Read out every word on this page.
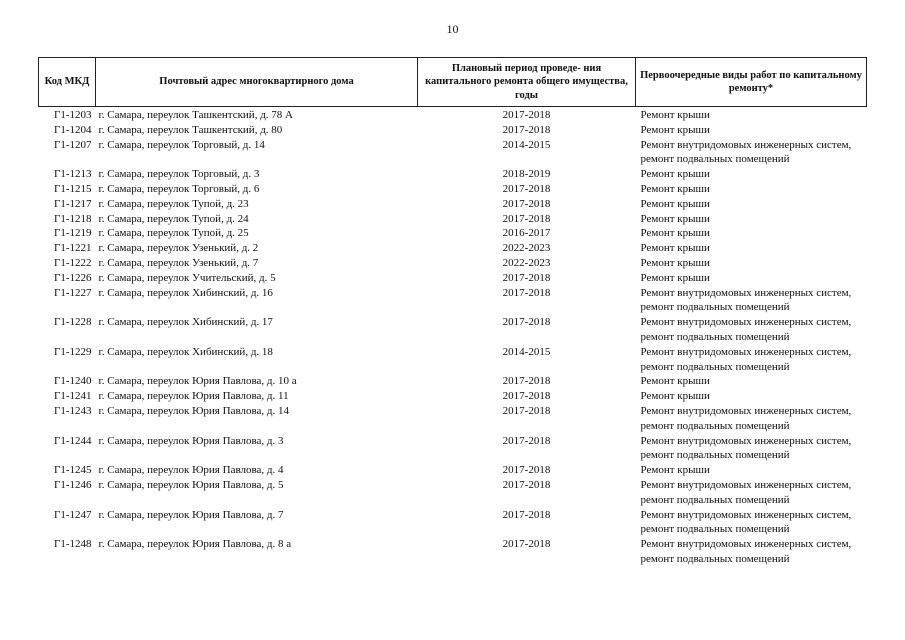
10
Код МКД	Почтовый адрес многоквартирного дома	Плановый период проведе- ния капитального ремонта общего имущества, годы	Первоочередные виды работ по капитальному ремонту*
Г1-1203	г. Самара, переулок Ташкентский, д. 78 А	2017-2018	Ремонт крыши

Г1-1204	г. Самара, переулок Ташкентский, д. 80	2017-2018	Ремонт крыши

Г1-1207	г. Самара, переулок Торговый, д. 14	2014-2015	Ремонт внутридомовых инженерных систем,
ремонт подвальных помещений

Г1-1213	г. Самара, переулок Торговый, д. 3	2018-2019	Ремонт крыши

Г1-1215	г. Самара, переулок Торговый, д. 6	2017-2018	Ремонт крыши

Г1-1217	г. Самара, переулок Тупой, д. 23	2017-2018	Ремонт крыши

Г1-1218	г. Самара, переулок Тупой, д. 24	2017-2018	Ремонт крыши

Г1-1219	г. Самара, переулок Тупой, д. 25	2016-2017	Ремонт крыши

Г1-1221	г. Самара, переулок Узенький, д. 2	2022-2023	Ремонт крыши

Г1-1222	г. Самара, переулок Узенький, д. 7	2022-2023	Ремонт крыши

Г1-1226	г. Самара, переулок Учительский, д. 5	2017-2018	Ремонт крыши

Г1-1227	г. Самара, переулок Хибинский, д. 16	2017-2018	Ремонт внутридомовых инженерных систем,
ремонт подвальных помещений

Г1-1228	г. Самара, переулок Хибинский, д. 17	2017-2018	Ремонт внутридомовых инженерных систем,
ремонт подвальных помещений

Г1-1229	г. Самара, переулок Хибинский, д. 18	2014-2015	Ремонт внутридомовых инженерных систем,
ремонт подвальных помещений

Г1-1240	г. Самара, переулок Юрия Павлова, д. 10 а	2017-2018	Ремонт крыши

Г1-1241	г. Самара, переулок Юрия Павлова, д. 11	2017-2018	Ремонт крыши

Г1-1243	г. Самара, переулок Юрия Павлова, д. 14	2017-2018	Ремонт внутридомовых инженерных систем,
ремонт подвальных помещений

Г1-1244	г. Самара, переулок Юрия Павлова, д. 3	2017-2018	Ремонт внутридомовых инженерных систем,
ремонт подвальных помещений

Г1-1245	г. Самара, переулок Юрия Павлова, д. 4	2017-2018	Ремонт крыши

Г1-1246	г. Самара, переулок Юрия Павлова, д. 5	2017-2018	Ремонт внутридомовых инженерных систем,
ремонт подвальных помещений

Г1-1247	г. Самара, переулок Юрия Павлова, д. 7	2017-2018	Ремонт внутридомовых инженерных систем,
ремонт подвальных помещений

Г1-1248	г. Самара, переулок Юрия Павлова, д. 8 а	2017-2018	Ремонт внутридомовых инженерных систем,
ремонт подвальных помещений
